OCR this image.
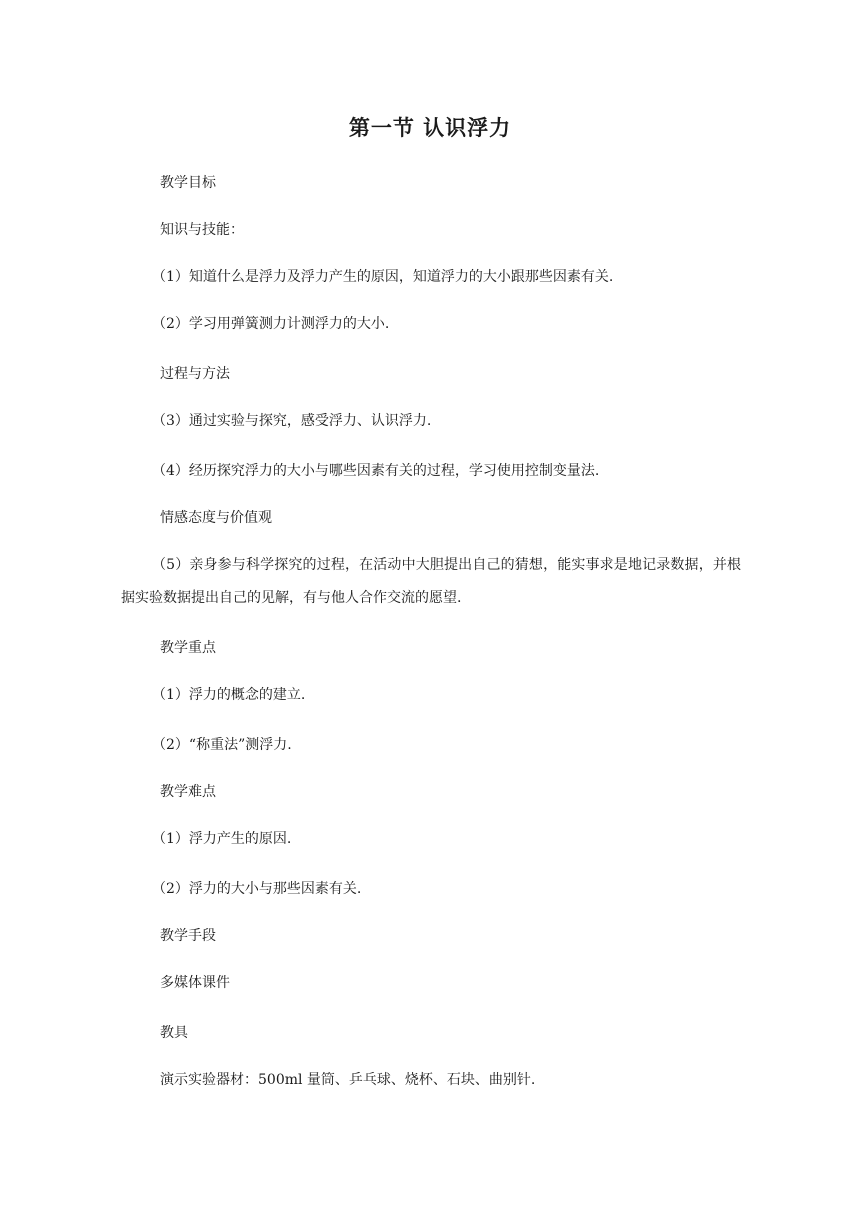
第一节 认识浮力
教学目标
知识与技能：
（1）知道什么是浮力及浮力产生的原因，知道浮力的大小跟那些因素有关.
（2）学习用弹簧测力计测浮力的大小.
过程与方法
（3）通过实验与探究，感受浮力、认识浮力.
（4）经历探究浮力的大小与哪些因素有关的过程，学习使用控制变量法.
情感态度与价值观
（5）亲身参与科学探究的过程，在活动中大胆提出自己的猜想，能实事求是地记录数据，并根据实验数据提出自己的见解，有与他人合作交流的愿望.
教学重点
（1）浮力的概念的建立.
（2）“称重法”测浮力.
教学难点
（1）浮力产生的原因.
（2）浮力的大小与那些因素有关.
教学手段
多媒体课件
教具
演示实验器材：500ml 量筒、乒乓球、烧杯、石块、曲别针.
